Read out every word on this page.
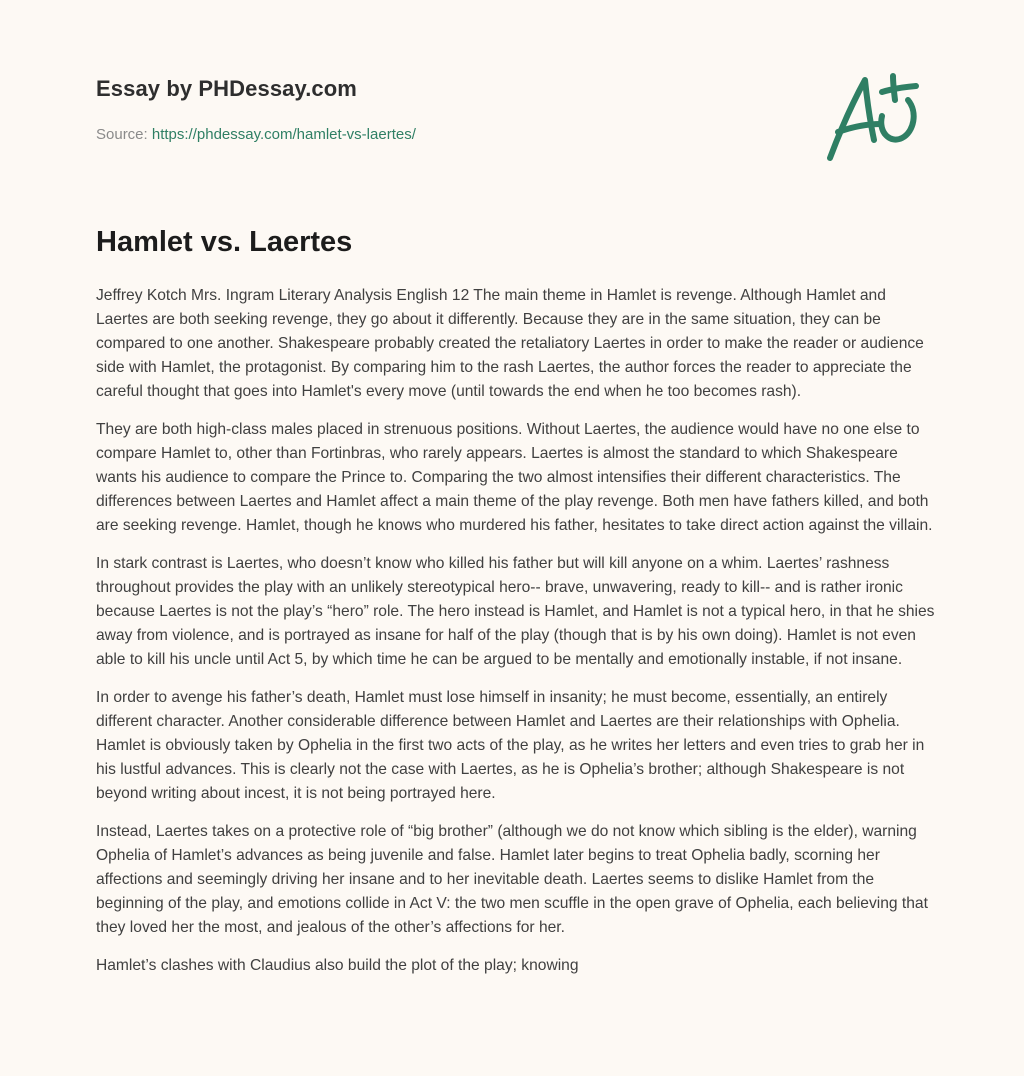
Essay by PHDessay.com
Source: https://phdessay.com/hamlet-vs-laertes/
Hamlet vs. Laertes

Jeffrey Kotch Mrs. Ingram Literary Analysis English 12 The main theme in Hamlet is revenge. Although Hamlet and Laertes are both seeking revenge, they go about it differently. Because they are in the same situation, they can be compared to one another. Shakespeare probably created the retaliatory Laertes in order to make the reader or audience side with Hamlet, the protagonist. By comparing him to the rash Laertes, the author forces the reader to appreciate the careful thought that goes into Hamlet's every move (until towards the end when he too becomes rash).

They are both high-class males placed in strenuous positions. Without Laertes, the audience would have no one else to compare Hamlet to, other than Fortinbras, who rarely appears. Laertes is almost the standard to which Shakespeare wants his audience to compare the Prince to. Comparing the two almost intensifies their different characteristics. The differences between Laertes and Hamlet affect a main theme of the play revenge. Both men have fathers killed, and both are seeking revenge. Hamlet, though he knows who murdered his father, hesitates to take direct action against the villain.

In stark contrast is Laertes, who doesn’t know who killed his father but will kill anyone on a whim. Laertes’ rashness throughout provides the play with an unlikely stereotypical hero-- brave, unwavering, ready to kill-- and is rather ironic because Laertes is not the play’s “hero” role. The hero instead is Hamlet, and Hamlet is not a typical hero, in that he shies away from violence, and is portrayed as insane for half of the play (though that is by his own doing). Hamlet is not even able to kill his uncle until Act 5, by which time he can be argued to be mentally and emotionally instable, if not insane.

In order to avenge his father’s death, Hamlet must lose himself in insanity; he must become, essentially, an entirely different character. Another considerable difference between Hamlet and Laertes are their relationships with Ophelia. Hamlet is obviously taken by Ophelia in the first two acts of the play, as he writes her letters and even tries to grab her in his lustful advances. This is clearly not the case with Laertes, as he is Ophelia’s brother; although Shakespeare is not beyond writing about incest, it is not being portrayed here.

Instead, Laertes takes on a protective role of “big brother” (although we do not know which sibling is the elder), warning Ophelia of Hamlet’s advances as being juvenile and false. Hamlet later begins to treat Ophelia badly, scorning her affections and seemingly driving her insane and to her inevitable death. Laertes seems to dislike Hamlet from the beginning of the play, and emotions collide in Act V: the two men scuffle in the open grave of Ophelia, each believing that they loved her the most, and jealous of the other’s affections for her.

Hamlet’s clashes with Claudius also build the plot of the play; knowing
